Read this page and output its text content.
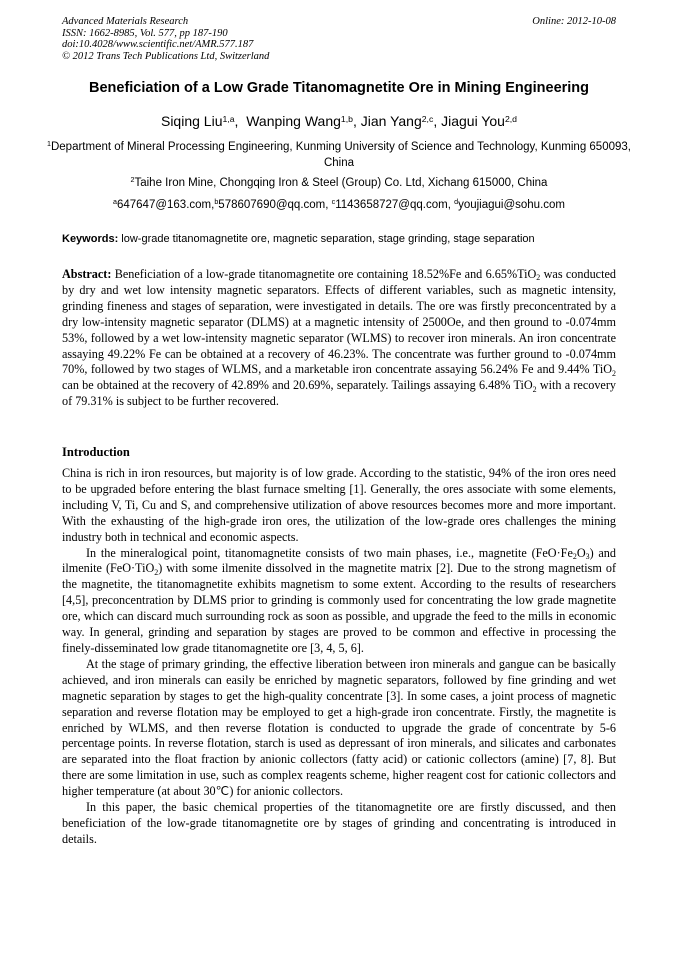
Advanced Materials Research
ISSN: 1662-8985, Vol. 577, pp 187-190
doi:10.4028/www.scientific.net/AMR.577.187
© 2012 Trans Tech Publications Ltd, Switzerland
Online: 2012-10-08
Beneficiation of a Low Grade Titanomagnetite Ore in Mining Engineering
Siqing Liu$^{1,a}$,  Wanping Wang$^{1,b}$, Jian Yang$^{2,c}$, Jiagui You$^{2,d}$
$^1$Department of Mineral Processing Engineering, Kunming University of Science and Technology, Kunming 650093, China
$^2$Taihe Iron Mine, Chongqing Iron & Steel (Group) Co. Ltd, Xichang 615000, China
$^a$647647@163.com,$^b$578607690@qq.com, $^c$1143658727@qq.com, $^d$youjiagui@sohu.com
Keywords: low-grade titanomagnetite ore, magnetic separation, stage grinding, stage separation

Abstract: Beneficiation of a low-grade titanomagnetite ore containing 18.52%Fe and 6.65%TiO$_2$ was conducted by dry and wet low intensity magnetic separators. Effects of different variables, such as magnetic intensity, grinding fineness and stages of separation, were investigated in details. The ore was firstly preconcentrated by a dry low-intensity magnetic separator (DLMS) at a magnetic intensity of 2500Oe, and then ground to -0.074mm 53%, followed by a wet low-intensity magnetic separator (WLMS) to recover iron minerals. An iron concentrate assaying 49.22% Fe can be obtained at a recovery of 46.23%. The concentrate was further ground to -0.074mm 70%, followed by two stages of WLMS, and a marketable iron concentrate assaying 56.24% Fe and 9.44% TiO$_2$ can be obtained at the recovery of 42.89% and 20.69%, separately. Tailings assaying 6.48% TiO$_2$ with a recovery of 79.31% is subject to be further recovered.

Introduction

China is rich in iron resources, but majority is of low grade. According to the statistic, 94% of the iron ores need to be upgraded before entering the blast furnace smelting [1]. Generally, the ores associate with some elements, including V, Ti, Cu and S, and comprehensive utilization of above resources becomes more and more important. With the exhausting of the high-grade iron ores, the utilization of the low-grade ores challenges the mining industry both in technical and economic aspects.

In the mineralogical point, titanomagnetite consists of two main phases, i.e., magnetite $(FeO\cdot Fe_2O_3)$ and ilmenite (FeO·TiO$_2$) with some ilmenite dissolved in the magnetite matrix [2]. Due to the strong magnetism of the magnetite, the titanomagnetite exhibits magnetism to some extent. According to the results of researchers [4,5], preconcentration by DLMS prior to grinding is commonly used for concentrating the low grade magnetite ore, which can discard much surrounding rock as soon as possible, and upgrade the feed to the mills in economic way. In general, grinding and separation by stages are proved to be common and effective in processing the finely-disseminated low grade titanomagnetite ore [3, 4, 5, 6].

At the stage of primary grinding, the effective liberation between iron minerals and gangue can be basically achieved, and iron minerals can easily be enriched by magnetic separators, followed by fine grinding and wet magnetic separation by stages to get the high-quality concentrate [3]. In some cases, a joint process of magnetic separation and reverse flotation may be employed to get a high-grade iron concentrate. Firstly, the magnetite is enriched by WLMS, and then reverse flotation is conducted to upgrade the grade of concentrate by 5-6 percentage points. In reverse flotation, starch is used as depressant of iron minerals, and silicates and carbonates are separated into the float fraction by anionic collectors (fatty acid) or cationic collectors (amine) [7, 8]. But there are some limitation in use, such as complex reagents scheme, higher reagent cost for cationic collectors and higher temperature (at about 30℃) for anionic collectors.

In this paper, the basic chemical properties of the titanomagnetite ore are firstly discussed, and then beneficiation of the low-grade titanomagnetite ore by stages of grinding and concentrating is introduced in details.
